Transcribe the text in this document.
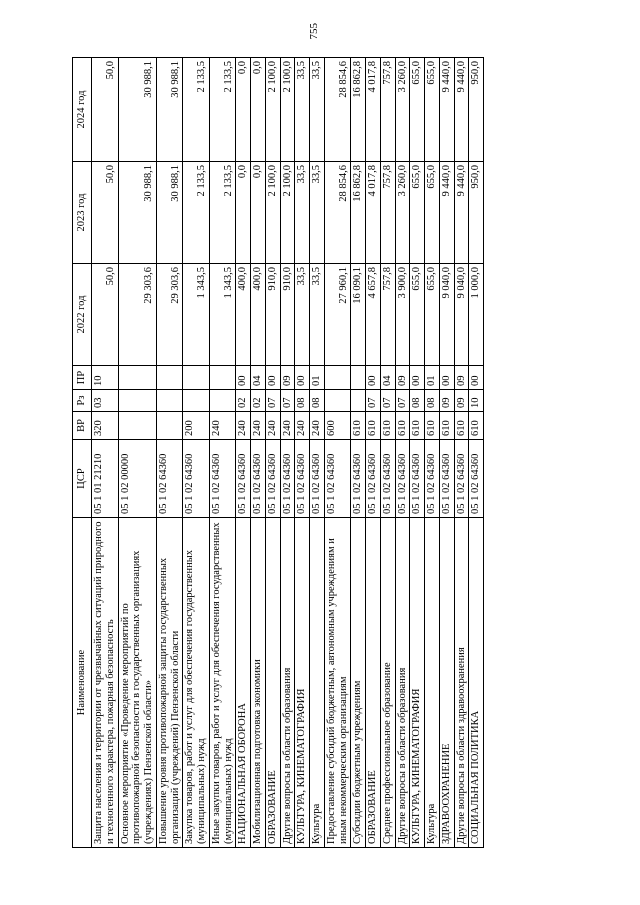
755
Наименование	ЦСР	ВР	Рз	ПР	2022 год	2023 год	2024 год
Защита населения и территории от чрезвычайных ситуаций природного и техногенного характера, пожарная безопасность	05 1 01 21210	320	03	10	50,0	50,0	50,0
Основное мероприятие «Проведение мероприятий по противопожарной безопасности в государственных организациях (учреждениях) Пензенской области»	05 1 02 00000				29 303,6	30 988,1	30 988,1
Повышение уровня противопожарной защиты государственных организаций (учреждений) Пензенской области	05 1 02 64360				29 303,6	30 988,1	30 988,1
Закупка товаров, работ и услуг для обеспечения государственных (муниципальных) нужд	05 1 02 64360	200			1 343,5	2 133,5	2 133,5
Иные закупки товаров, работ и услуг для обеспечения государственных (муниципальных) нужд	05 1 02 64360	240			1 343,5	2 133,5	2 133,5
НАЦИОНАЛЬНАЯ ОБОРОНА	05 1 02 64360	240	02	00	400,0	0,0	0,0
Мобилизационная подготовка экономики	05 1 02 64360	240	02	04	400,0	0,0	0,0
ОБРАЗОВАНИЕ	05 1 02 64360	240	07	00	910,0	2 100,0	2 100,0
Другие вопросы в области образования	05 1 02 64360	240	07	09	910,0	2 100,0	2 100,0
КУЛЬТУРА, КИНЕМАТОГРАФИЯ	05 1 02 64360	240	08	00	33,5	33,5	33,5
Культура	05 1 02 64360	240	08	01	33,5	33,5	33,5
Предоставление субсидий бюджетным, автономным учреждениям и иным некоммерческим организациям	05 1 02 64360	600			27 960,1	28 854,6	28 854,6
Субсидии бюджетным учреждениям	05 1 02 64360	610			16 090,1	16 862,8	16 862,8
ОБРАЗОВАНИЕ	05 1 02 64360	610	07	00	4 657,8	4 017,8	4 017,8
Среднее профессиональное образование	05 1 02 64360	610	07	04	757,8	757,8	757,8
Другие вопросы в области образования	05 1 02 64360	610	07	09	3 900,0	3 260,0	3 260,0
КУЛЬТУРА, КИНЕМАТОГРАФИЯ	05 1 02 64360	610	08	00	655,0	655,0	655,0
Культура	05 1 02 64360	610	08	01	655,0	655,0	655,0
ЗДРАВООХРАНЕНИЕ	05 1 02 64360	610	09	00	9 040,0	9 440,0	9 440,0
Другие вопросы в области здравоохранения	05 1 02 64360	610	09	09	9 040,0	9 440,0	9 440,0
СОЦИАЛЬНАЯ ПОЛИТИКА	05 1 02 64360	610	10	00	1 000,0	950,0	950,0
